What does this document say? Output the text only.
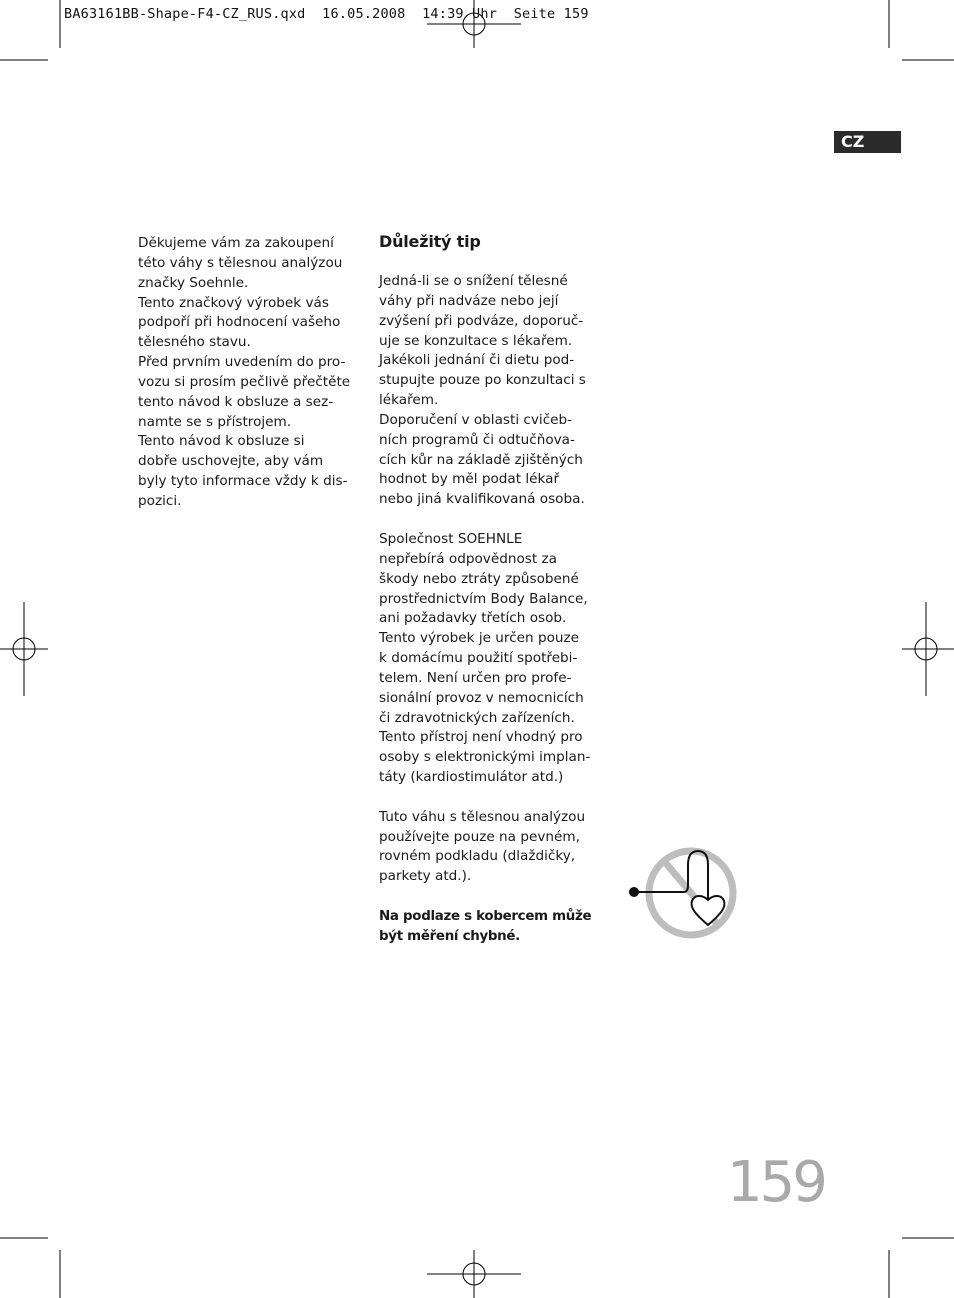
BA63161BB-Shape-F4-CZ_RUS.qxd  16.05.2008  14:39 Uhr  Seite 159
CZ
Děkujeme vám za zakoupení
této váhy s tělesnou analýzou
značky Soehnle.
Tento značkový výrobek vás
podpoří při hodnocení vašeho
tělesného stavu.
Před prvním uvedením do pro-
vozu si prosím pečlivě přečtěte
tento návod k obsluze a sez-
namte se s přístrojem.
Tento návod k obsluze si
dobře uschovejte, aby vám
byly tyto informace vždy k dis-
pozici.
Důležitý tip
Jedná-li se o snížení tělesné
váhy při nadváze nebo její
zvýšení při podváze, doporuč-
uje se konzultace s lékařem.
Jakékoli jednání či dietu pod-
stupujte pouze po konzultaci s
lékařem.
Doporučení v oblasti cvičeb-
ních programů či odtučňova-
cích kůr na základě zjištěných
hodnot by měl podat lékař
nebo jiná kvalifikovaná osoba.
Společnost SOEHNLE
nepřebírá odpovědnost za
škody nebo ztráty způsobené
prostřednictvím Body Balance,
ani požadavky třetích osob.
Tento výrobek je určen pouze
k domácímu použití spotřebi-
telem. Není určen pro profe-
sionální provoz v nemocnicích
či zdravotnických zařízeních.
Tento přístroj není vhodný pro
osoby s elektronickými implan-
táty (kardiostimulátor atd.)
Tuto váhu s tělesnou analýzou
používejte pouze na pevném,
rovném podkladu (dlaždičky,
parkety atd.).
Na podlaze s kobercem může
být měření chybné.
159
